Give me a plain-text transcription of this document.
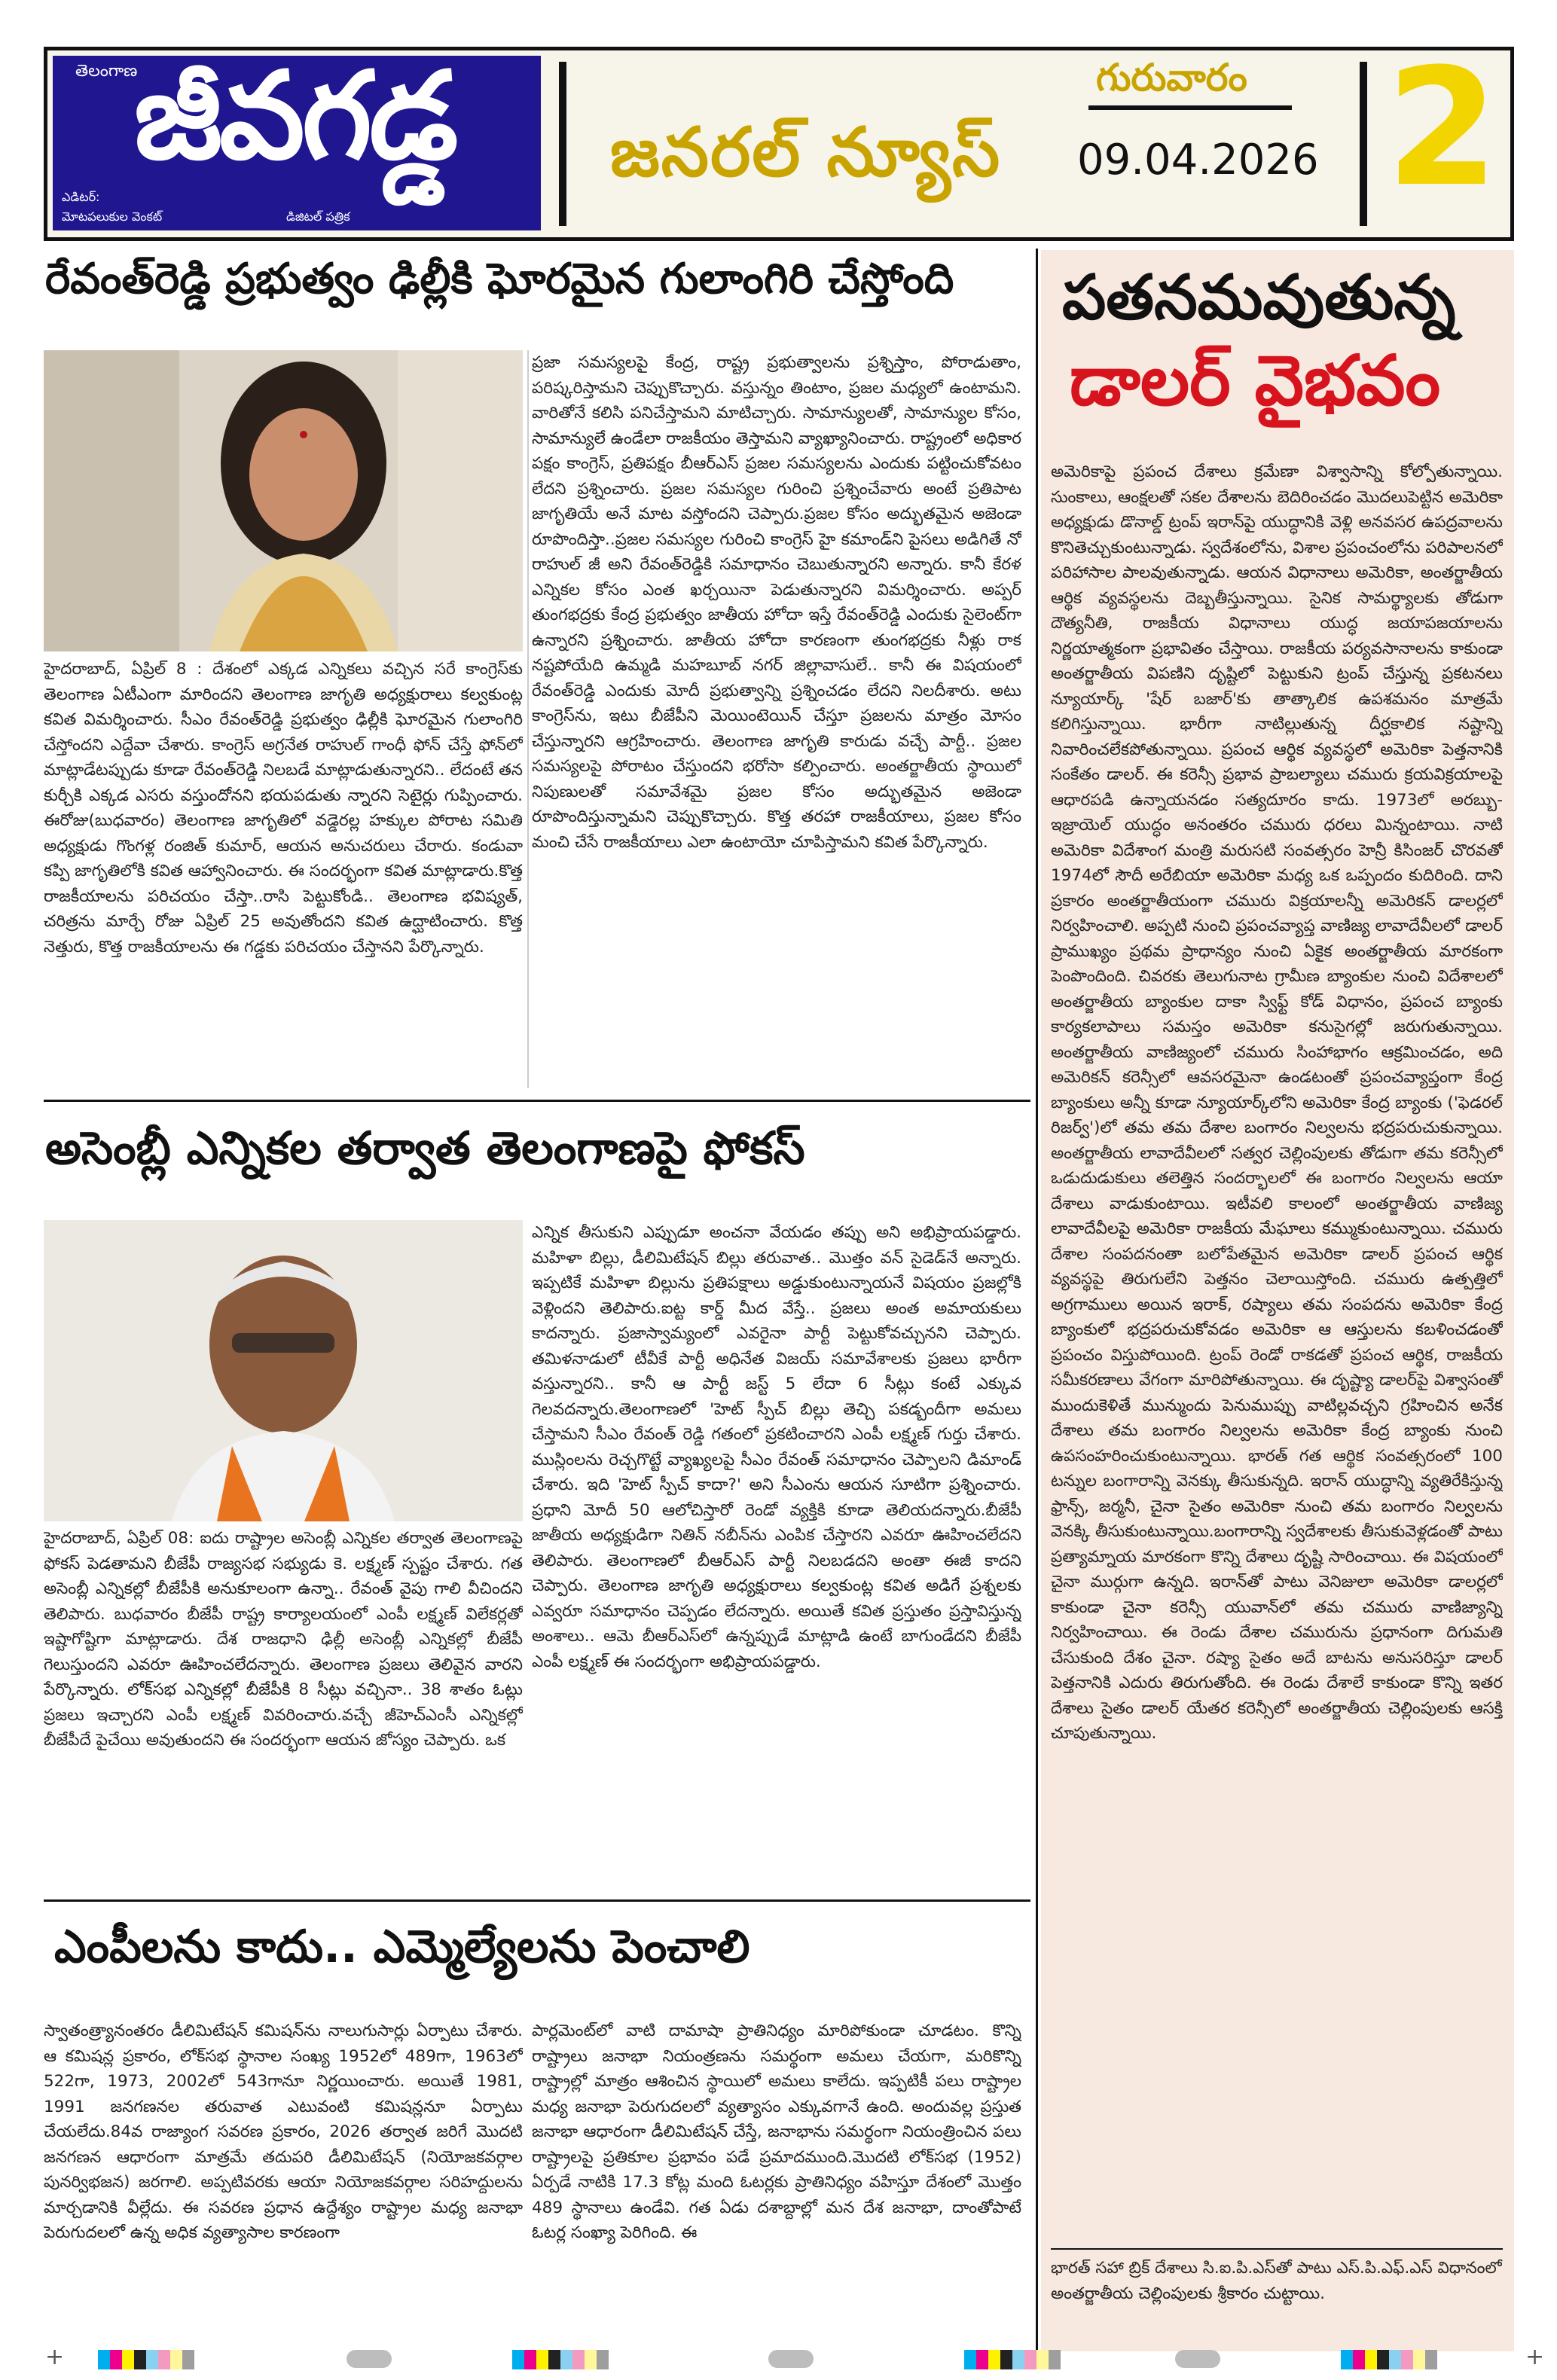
తెలంగాణ
జీవగడ్డ
ఎడిటర్:
మోటపలుకుల వెంకట్	డిజిటల్ పత్రిక
జనరల్ న్యూస్
గురువారం
09.04.2026 2
రేవంత్‌రెడ్డి ప్రభుత్వం ఢిల్లీకి ఘోరమైన గులాంగిరి చేస్తోంది
హైదరాబాద్, ఏప్రిల్ 8 : దేశంలో ఎక్కడ ఎన్నికలు వచ్చిన సరే కాంగ్రెస్‌కు తెలంగాణ ఏటీఎంగా మారిందని తెలంగాణ జాగృతి అధ్యక్షురాలు కల్వకుంట్ల కవిత విమర్శించారు. సీఎం రేవంత్‌రెడ్డి ప్రభుత్వం ఢిల్లీకి ఘోరమైన గులాంగిరి చేస్తోందని ఎద్దేవా చేశారు. కాంగ్రెస్ అగ్రనేత రాహుల్ గాంధీ ఫోన్ చేస్తే ఫోన్‌లో మాట్లాడేటప్పుడు కూడా రేవంత్‌రెడ్డి నిలబడే మాట్లాడుతున్నారని.. లేదంటే తన కుర్చీకి ఎక్కడ ఎసరు వస్తుందోనని భయపడుతు న్నారని సెటైర్లు గుప్పించారు. ఈరోజు(బుధవారం) తెలంగాణ జాగృతిలో వడ్డెరల్ల హక్కుల పోరాట సమితి అధ్యక్షుడు గొంగళ్ల రంజిత్ కుమార్, ఆయన అనుచరులు చేరారు. కండువా కప్పి జాగృతిలోకి కవిత ఆహ్వానించారు. ఈ సందర్భంగా కవిత మాట్లాడారు.కొత్త రాజకీయాలను పరిచయం చేస్తా..రాసి పెట్టుకోండి.. తెలంగాణ భవిష్యత్, చరిత్రను మార్చే రోజు ఏప్రిల్ 25 అవుతోందని కవిత ఉద్ఘాటించారు. కొత్త నెత్తురు, కొత్త రాజకీయాలను ఈ గడ్డకు పరిచయం చేస్తానని పేర్కొన్నారు.
ప్రజా సమస్యలపై కేంద్ర, రాష్ట్ర ప్రభుత్వాలను ప్రశ్నిస్తాం, పోరాడుతాం, పరిష్కరిస్తామని చెప్పుకొచ్చారు. వస్తున్నం తింటాం, ప్రజల మధ్యలో ఉంటామని. వారితోనే కలిసి పనిచేస్తామని మాటిచ్చారు. సామాన్యులతో, సామాన్యుల కోసం, సామాన్యులే ఉండేలా రాజకీయం తెస్తామని వ్యాఖ్యానించారు. రాష్ట్రంలో అధికార పక్షం కాంగ్రెస్, ప్రతిపక్షం బీఆర్ఎస్ ప్రజల సమస్యలను ఎందుకు పట్టించుకోవటం లేదని ప్రశ్నించారు. ప్రజల సమస్యల గురించి ప్రశ్నించేవారు అంటే ప్రతిపాట జాగృతియే అనే మాట వస్తోందని చెప్పారు.ప్రజల కోసం అద్భుతమైన అజెండా రూపొందిస్తా..ప్రజల సమస్యల గురించి కాంగ్రెస్ హై కమాండ్‌ని పైసలు అడిగితే నో రాహుల్ జీ అని రేవంత్‌రెడ్డికి సమాధానం చెబుతున్నారని అన్నారు. కానీ కేరళ ఎన్నికల కోసం ఎంత ఖర్చయినా పెడుతున్నారని విమర్శించారు. అప్పర్ తుంగభద్రకు కేంద్ర ప్రభుత్వం జాతీయ హోదా ఇస్తే రేవంత్‌రెడ్డి ఎందుకు సైలెంట్‌గా ఉన్నారని ప్రశ్నించారు. జాతీయ హోదా కారణంగా తుంగభద్రకు నీళ్లు రాక నష్టపోయేది ఉమ్మడి మహబూబ్ నగర్ జిల్లావాసులే.. కానీ ఈ విషయంలో రేవంత్‌రెడ్డి ఎందుకు మోదీ ప్రభుత్వాన్ని ప్రశ్నించడం లేదని నిలదీశారు. అటు కాంగ్రెస్‌ను, ఇటు బీజేపీని మెయింటెయిన్ చేస్తూ ప్రజలను మాత్రం మోసం చేస్తున్నారని ఆగ్రహించారు. తెలంగాణ జాగృతి కారుడు వచ్చే పార్టీ.. ప్రజల సమస్యలపై పోరాటం చేస్తుందని భరోసా కల్పించారు. అంతర్జాతీయ స్థాయిలో నిపుణులతో సమావేశమై ప్రజల కోసం అద్భుతమైన అజెండా రూపొందిస్తున్నామని చెప్పుకొచ్చారు. కొత్త తరహా రాజకీయాలు, ప్రజల కోసం మంచి చేసే రాజకీయాలు ఎలా ఉంటాయో చూపిస్తామని కవిత పేర్కొన్నారు.
అసెంబ్లీ ఎన్నికల తర్వాత తెలంగాణపై ఫోకస్
హైదరాబాద్, ఏప్రిల్ 08: ఐదు రాష్ట్రాల అసెంబ్లీ ఎన్నికల తర్వాత తెలంగాణపై ఫోకస్ పెడతామని బీజేపీ రాజ్యసభ సభ్యుడు కె. లక్ష్మణ్ స్పష్టం చేశారు. గత అసెంబ్లీ ఎన్నికల్లో బీజేపీకి అనుకూలంగా ఉన్నా.. రేవంత్ వైపు గాలి వీచిందని తెలిపారు. బుధవారం బీజేపీ రాష్ట్ర కార్యాలయంలో ఎంపీ లక్ష్మణ్ విలేకర్లతో ఇష్టాగోష్టిగా మాట్లాడారు. దేశ రాజధాని ఢిల్లీ అసెంబ్లీ ఎన్నికల్లో బీజేపీ గెలుస్తుందని ఎవరూ ఊహించలేదన్నారు. తెలంగాణ ప్రజలు తెలివైన వారని పేర్కొన్నారు. లోక్‌సభ ఎన్నికల్లో బీజేపీకి 8 సీట్లు వచ్చినా.. 38 శాతం ఓట్లు ప్రజలు ఇచ్చారని ఎంపీ లక్ష్మణ్ వివరించారు.వచ్చే జీహెచ్ఎంసీ ఎన్నికల్లో బీజేపీదే పైచేయి అవుతుందని ఈ సందర్భంగా ఆయన జోస్యం చెప్పారు. ఒక
ఎన్నిక తీసుకుని ఎప్పుడూ అంచనా వేయడం తప్పు అని అభిప్రాయపడ్డారు. మహిళా బిల్లు, డీలిమిటేషన్ బిల్లు తరువాత.. మొత్తం వన్ సైడెడ్‌నే అన్నారు. ఇప్పటికే మహిళా బిల్లును ప్రతిపక్షాలు అడ్డుకుంటున్నాయనే విషయం ప్రజల్లోకి వెళ్లిందని తెలిపారు.ఐట్ట కార్డ్ మీద వేస్తే.. ప్రజలు అంత అమాయకులు కాదన్నారు. ప్రజాస్వామ్యంలో ఎవరైనా పార్టీ పెట్టుకోవచ్చునని చెప్పారు. తమిళనాడులో టీవీకే పార్టీ అధినేత విజయ్ సమావేశాలకు ప్రజలు భారీగా వస్తున్నారని.. కానీ ఆ పార్టీ జస్ట్ 5 లేదా 6 సీట్లు కంటే ఎక్కువ గెలవదన్నారు.తెలంగాణలో 'హెట్ స్పీచ్ బిల్లు తెచ్చి పకడ్బందీగా అమలు చేస్తామని సీఎం రేవంత్ రెడ్డి గతంలో ప్రకటించారని ఎంపీ లక్ష్మణ్ గుర్తు చేశారు. ముస్లింలను రెచ్చగొట్టే వ్యాఖ్యలపై సీఎం రేవంత్ సమాధానం చెప్పాలని డిమాండ్ చేశారు. ఇది 'హెట్ స్పీచ్ కాదా?' అని సీఎంను ఆయన సూటిగా ప్రశ్నించారు. ప్రధాని మోదీ 50 ఆలోచిస్తారో రెండో వ్యక్తికి కూడా తెలియదన్నారు.బీజేపీ జాతీయ అధ్యక్షుడిగా నితిన్ నబీన్‌ను ఎంపిక చేస్తారని ఎవరూ ఊహించలేదని తెలిపారు. తెలంగాణలో బీఆర్ఎస్ పార్టీ నిలబడదని అంతా ఈజీ కాదని చెప్పారు. తెలంగాణ జాగృతి అధ్యక్షురాలు కల్వకుంట్ల కవిత అడిగే ప్రశ్నలకు ఎవ్వరూ సమాధానం చెప్పడం లేదన్నారు. అయితే కవిత ప్రస్తుతం ప్రస్తావిస్తున్న అంశాలు.. ఆమె బీఆర్ఎస్‌లో ఉన్నప్పుడే మాట్లాడి ఉంటే బాగుండేదని బీజేపీ ఎంపీ లక్ష్మణ్ ఈ సందర్భంగా అభిప్రాయపడ్డారు.
ఎంపీలను కాదు.. ఎమ్మెల్యేలను పెంచాలి
స్వాతంత్ర్యానంతరం డీలిమిటేషన్ కమిషన్‌ను నాలుగుసార్లు ఏర్పాటు చేశారు. ఆ కమిషన్ల ప్రకారం, లోక్‌సభ స్థానాల సంఖ్య 1952లో 489గా, 1963లో 522గా, 1973, 2002లో 543గానూ నిర్ణయించారు. అయితే 1981, 1991 జనగణనల తరువాత ఎటువంటి కమిషన్లనూ ఏర్పాటు చేయలేదు.84వ రాజ్యాంగ సవరణ ప్రకారం, 2026 తర్వాత జరిగే మొదటి జనగణన ఆధారంగా మాత్రమే తదుపరి డీలిమిటేషన్ (నియోజకవర్గాల పునర్విభజన) జరగాలి. అప్పటివరకు ఆయా నియోజకవర్గాల సరిహద్దులను మార్చడానికి వీల్లేదు. ఈ సవరణ ప్రధాన ఉద్దేశ్యం రాష్ట్రాల మధ్య జనాభా పెరుగుదలలో ఉన్న అధిక వ్యత్యాసాల కారణంగా
పార్లమెంట్‌లో వాటి దామాషా ప్రాతినిధ్యం మారిపోకుండా చూడటం. కొన్ని రాష్ట్రాలు జనాభా నియంత్రణను సమర్థంగా అమలు చేయగా, మరికొన్ని రాష్ట్రాల్లో మాత్రం ఆశించిన స్థాయిలో అమలు కాలేదు. ఇప్పటికీ పలు రాష్ట్రాల మధ్య జనాభా పెరుగుదలలో వ్యత్యాసం ఎక్కువగానే ఉంది. అందువల్ల ప్రస్తుత జనాభా ఆధారంగా డీలిమిటేషన్ చేస్తే, జనాభాను సమర్థంగా నియంత్రించిన పలు రాష్ట్రాలపై ప్రతికూల ప్రభావం పడే ప్రమాదముంది.మొదటి లోక్‌సభ (1952) ఏర్పడే నాటికి 17.3 కోట్ల మంది ఓటర్లకు ప్రాతినిధ్యం వహిస్తూ దేశంలో మొత్తం 489 స్థానాలు ఉండేవి. గత ఏడు దశాబ్దాల్లో మన దేశ జనాభా, దాంతోపాటే ఓటర్ల సంఖ్యా పెరిగింది. ఈ
పతనమవుతున్న
డాలర్ వైభవం
అమెరికాపై ప్రపంచ దేశాలు క్రమేణా విశ్వాసాన్ని కోల్పోతున్నాయి. సుంకాలు, ఆంక్షలతో సకల దేశాలను బెదిరించడం మొదలుపెట్టిన అమెరికా అధ్యక్షుడు డొనాల్డ్ ట్రంప్ ఇరాన్‌పై యుద్ధానికి వెళ్లి అనవసర ఉపద్రవాలను కొనితెచ్చుకుంటున్నాడు. స్వదేశంలోను, విశాల ప్రపంచంలోను పరిపాలనలో పరిహాసాల పాలవుతున్నాడు. ఆయన విధానాలు అమెరికా, అంతర్జాతీయ ఆర్థిక వ్యవస్థలను దెబ్బతీస్తున్నాయి. సైనిక సామర్థ్యాలకు తోడుగా దౌత్యనీతి, రాజకీయ విధానాలు యుద్ధ జయాపజయాలను నిర్ణయాత్మకంగా ప్రభావితం చేస్తాయి. రాజకీయ పర్యవసానాలను కాకుండా అంతర్జాతీయ విపణిని దృష్టిలో పెట్టుకుని ట్రంప్ చేస్తున్న ప్రకటనలు న్యూయార్క్ 'షేర్ బజార్'కు తాత్కాలిక ఉపశమనం మాత్రమే కలిగిస్తున్నాయి. భారీగా నాటిల్లుతున్న దీర్ఘకాలిక నష్టాన్ని నివారించలేకపోతున్నాయి. ప్రపంచ ఆర్థిక వ్యవస్థలో అమెరికా పెత్తనానికి సంకేతం డాలర్. ఈ కరెన్సీ ప్రభావ ప్రాబల్యాలు చమురు క్రయవిక్రయాలపై ఆధారపడి ఉన్నాయనడం సత్యదూరం కాదు. 1973లో అరబ్బు-ఇజ్రాయెల్ యుద్ధం అనంతరం చమురు ధరలు మిన్నంటాయి. నాటి అమెరికా విదేశాంగ మంత్రి మరుసటి సంవత్సరం హెన్రీ కిసింజర్ చొరవతో 1974లో సౌదీ అరేబియా అమెరికా మధ్య ఒక ఒప్పందం కుదిరింది. దాని ప్రకారం అంతర్జాతీయంగా చమురు విక్రయాలన్నీ అమెరికన్ డాలర్లలో నిర్వహించాలి. అప్పటి నుంచి ప్రపంచవ్యాప్త వాణిజ్య లావాదేవీలలో డాలర్ ప్రాముఖ్యం ప్రథమ ప్రాధాన్యం నుంచి ఏకైక అంతర్జాతీయ మారకంగా పెంపొందింది. చివరకు తెలుగునాట గ్రామీణ బ్యాంకుల నుంచి విదేశాలలో అంతర్జాతీయ బ్యాంకుల దాకా స్విఫ్ట్ కోడ్ విధానం, ప్రపంచ బ్యాంకు కార్యకలాపాలు సమస్తం అమెరికా కనుసైగల్లో జరుగుతున్నాయి. అంతర్జాతీయ వాణిజ్యంలో చమురు సింహాభాగం ఆక్రమించడం, అది అమెరికన్ కరెన్సీలో ఆవసరమైనా ఉండటంతో ప్రపంచవ్యాప్తంగా కేంద్ర బ్యాంకులు అన్నీ కూడా న్యూయార్క్‌లోని అమెరికా కేంద్ర బ్యాంకు ('ఫెడరల్ రిజర్వ్')లో తమ తమ దేశాల బంగారం నిల్వలను భద్రపరుచుకున్నాయి. అంతర్జాతీయ లావాదేవీలలో సత్వర చెల్లింపులకు తోడుగా తమ కరెన్సీలో ఒడుదుడుకులు తలెత్తిన సందర్భాలలో ఈ బంగారం నిల్వలను ఆయా దేశాలు వాడుకుంటాయి. ఇటీవలి కాలంలో అంతర్జాతీయ వాణిజ్య లావాదేవీలపై అమెరికా రాజకీయ మేఘాలు కమ్ముకుంటున్నాయి. చమురు దేశాల సంపదనంతా బలోపేతమైన అమెరికా డాలర్ ప్రపంచ ఆర్థిక వ్యవస్థపై తిరుగులేని పెత్తనం చెలాయిస్తోంది. చమురు ఉత్పత్తిలో అగ్రగాములు అయిన ఇరాక్, రష్యాలు తమ సంపదను అమెరికా కేంద్ర బ్యాంకులో భద్రపరుచుకోవడం అమెరికా ఆ ఆస్తులను కబళించడంతో ప్రపంచం విస్తుపోయింది. ట్రంప్ రెండో రాకడతో ప్రపంచ ఆర్థిక, రాజకీయ సమీకరణాలు వేగంగా మారిపోతున్నాయి. ఈ దృష్ట్యా డాలర్‌పై విశ్వాసంతో ముందుకెళితే మున్ముందు పెనుముప్పు వాటిల్లవచ్చని గ్రహించిన అనేక దేశాలు తమ బంగారం నిల్వలను అమెరికా కేంద్ర బ్యాంకు నుంచి ఉపసంహరించుకుంటున్నాయి. భారత్ గత ఆర్థిక సంవత్సరంలో 100 టన్నుల బంగారాన్ని వెనక్కు తీసుకున్నది. ఇరాన్ యుద్ధాన్ని వ్యతిరేకిస్తున్న ఫ్రాన్స్, జర్మనీ, చైనా సైతం అమెరికా నుంచి తమ బంగారం నిల్వలను వెనక్కి తీసుకుంటున్నాయి.బంగారాన్ని స్వదేశాలకు తీసుకువెళ్లడంతో పాటు ప్రత్యామ్నాయ మారకంగా కొన్ని దేశాలు దృష్టి సారించాయి. ఈ విషయంలో చైనా ముర్గుగా ఉన్నది. ఇరాన్‌తో పాటు వెనిజులా అమెరికా డాలర్లలో కాకుండా చైనా కరెన్సీ యువాన్‌లో తమ చమురు వాణిజ్యాన్ని నిర్వహించాయి. ఈ రెండు దేశాల చమురును ప్రధానంగా దిగుమతి చేసుకుంది దేశం చైనా. రష్యా సైతం అదే బాటను అనుసరిస్తూ డాలర్ పెత్తనానికి ఎదురు తిరుగుతోంది. ఈ రెండు దేశాలే కాకుండా కొన్ని ఇతర దేశాలు సైతం డాలర్ యేతర కరెన్సీలో అంతర్జాతీయ చెల్లింపులకు ఆసక్తి చూపుతున్నాయి.
భారత్ సహా బ్రిక్ దేశాలు సి.ఐ.పి.ఎస్‌తో పాటు ఎస్.పి.ఎఫ్.ఎస్ విధానంలో అంతర్జాతీయ చెల్లింపులకు శ్రీకారం చుట్టాయి.
+	+
